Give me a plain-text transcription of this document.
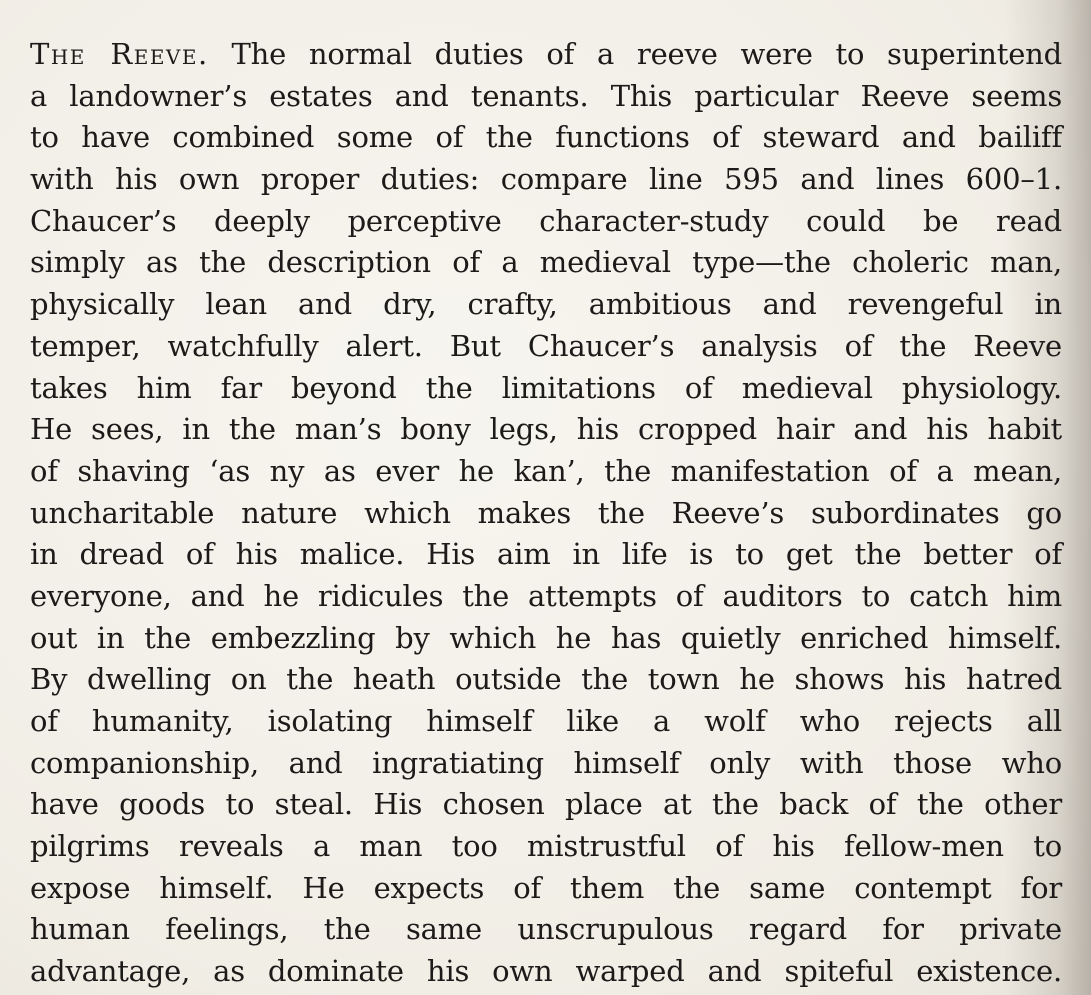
The Reeve. The normal duties of a reeve were to superintend
a landowner’s estates and tenants. This particular Reeve seems
to have combined some of the functions of steward and bailiff
with his own proper duties: compare line 595 and lines 600–1.
Chaucer’s deeply perceptive character-study could be read
simply as the description of a medieval type—the choleric man,
physically lean and dry, crafty, ambitious and revengeful in
temper, watchfully alert. But Chaucer’s analysis of the Reeve
takes him far beyond the limitations of medieval physiology.
He sees, in the man’s bony legs, his cropped hair and his habit
of shaving ‘as ny as ever he kan’, the manifestation of a mean,
uncharitable nature which makes the Reeve’s subordinates go
in dread of his malice. His aim in life is to get the better of
everyone, and he ridicules the attempts of auditors to catch him
out in the embezzling by which he has quietly enriched himself.
By dwelling on the heath outside the town he shows his hatred
of humanity, isolating himself like a wolf who rejects all
companionship, and ingratiating himself only with those who
have goods to steal. His chosen place at the back of the other
pilgrims reveals a man too mistrustful of his fellow-men to
expose himself. He expects of them the same contempt for
human feelings, the same unscrupulous regard for private
advantage, as dominate his own warped and spiteful existence.
